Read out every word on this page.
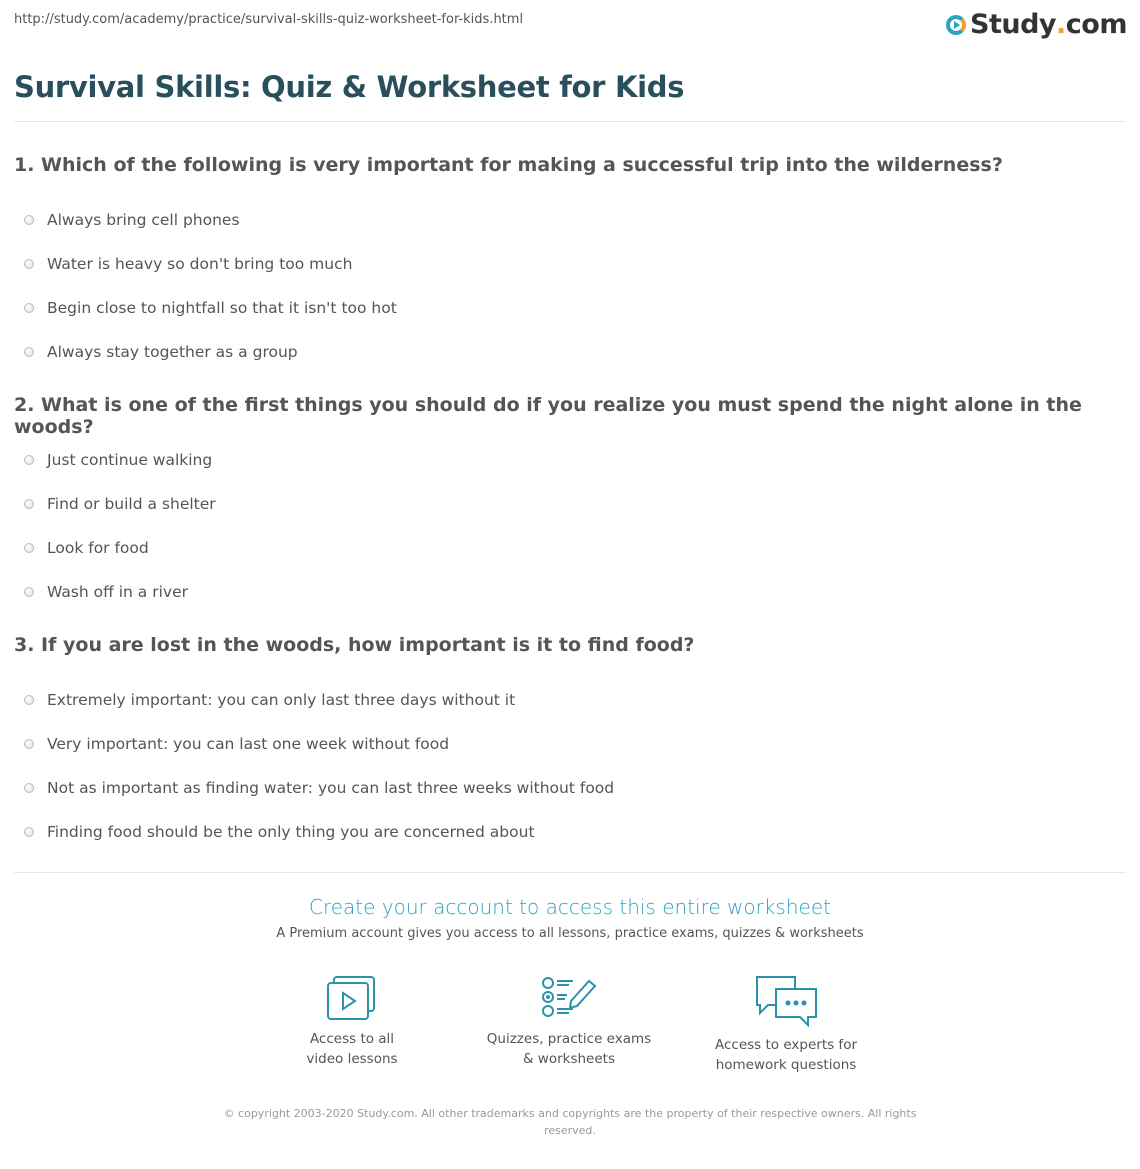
http://study.com/academy/practice/survival-skills-quiz-worksheet-for-kids.html	Study . com
Survival Skills: Quiz & Worksheet for Kids
1. Which of the following is very important for making a successful trip into the wilderness?
Always bring cell phones
Water is heavy so don't bring too much
Begin close to nightfall so that it isn't too hot
Always stay together as a group
2. What is one of the first things you should do if you realize you must spend the night alone in the woods?
Just continue walking
Find or build a shelter
Look for food
Wash off in a river
3. If you are lost in the woods, how important is it to find food?
Extremely important: you can only last three days without it
Very important: you can last one week without food
Not as important as finding water: you can last three weeks without food
Finding food should be the only thing you are concerned about
Create your account to access this entire worksheet
A Premium account gives you access to all lessons, practice exams, quizzes & worksheets
Access to all
video lessons
Quizzes, practice exams
& worksheets
Access to experts for
homework questions
© copyright 2003-2020 Study.com. All other trademarks and copyrights are the property of their respective owners. All rights reserved.
